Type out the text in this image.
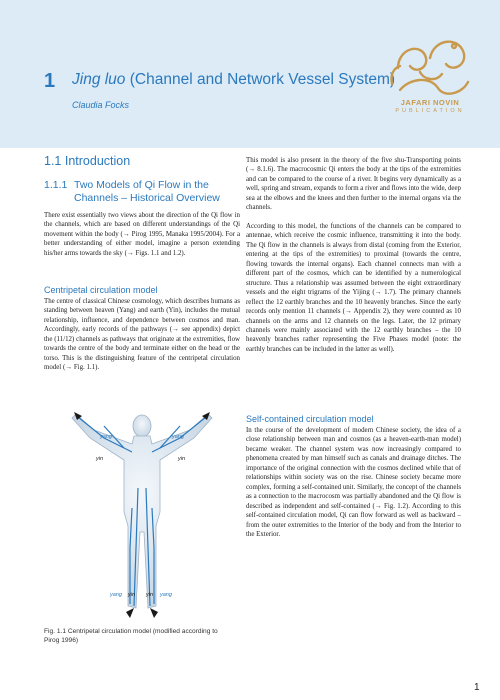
1 Jing luo (Channel and Network Vessel System)
Claudia Focks	JAFARI NOVIN
PUBLICATION
1.1 Introduction
1.1.1 Two Models of Qi Flow in the
Channels – Historical Overview
There exist essentially two views about the direction of the Qi flow in the channels, which are based on different understandings of the Qi movement within the body (→ Pirog 1995, Manaka 1995/2004). For a better understanding of either model, imagine a person extending his/her arms towards the sky (→ Figs. 1.1 and 1.2).
Centripetal circulation model
The centre of classical Chinese cosmology, which describes humans as standing between heaven (Yang) and earth (Yin), includes the mutual relationship, influence, and dependence between cosmos and man. Accordingly, early records of the pathways (→ see appendix) depict the (11/12) channels as pathways that originate at the extremities, flow towards the centre of the body and terminate either on the head or the torso. This is the distinguishing feature of the centripetal circulation model (→ Fig. 1.1).
yang
yin
yang
yin
yang yin yin yang
Fig. 1.1 Centripetal circulation model (modified according to Pirog 1996)
This model is also present in the theory of the five shu-Transporting points (→ 8.1.6). The macrocosmic Qi enters the body at the tips of the extremities and can be compared to the course of a river. It begins very dynamically as a well, spring and stream, expands to form a river and flows into the wide, deep sea at the elbows and the knees and then further to the internal organs via the channels.
According to this model, the functions of the channels can be compared to antennae, which receive the cosmic influence, transmitting it into the body. The Qi flow in the channels is always from distal (coming from the Exterior, entering at the tips of the extremities) to proximal (towards the centre, flowing towards the internal organs). Each channel connects man with a different part of the cosmos, which can be identified by a numerological structure. Thus a relationship was assumed between the eight extraordinary vessels and the eight trigrams of the Yijing (→ 1.7). The primary channels reflect the 12 earthly branches and the 10 heavenly branches. Since the early records only mention 11 channels (→ Appendix 2), they were counted as 10 channels on the arms and 12 channels on the legs. Later, the 12 primary channels were mainly associated with the 12 earthly branches – the 10 heavenly branches rather representing the Five Phases model (note: the earthly branches can be included in the latter as well).
Self-contained circulation model
In the course of the development of modern Chinese society, the idea of a close relationship between man and cosmos (as a heaven-earth-man model) became weaker. The channel system was now increasingly compared to phenomena created by man himself such as canals and drainage ditches. The importance of the original connection with the cosmos declined while that of relationships within society was on the rise. Chinese society became more complex, forming a self-contained unit. Similarly, the concept of the channels as a connection to the macrocosm was partially abandoned and the Qi flow is described as independent and self-contained (→ Fig. 1.2). According to this self-contained circulation model, Qi can flow forward as well as backward – from the outer extremities to the Interior of the body and from the Interior to the Exterior.
1
